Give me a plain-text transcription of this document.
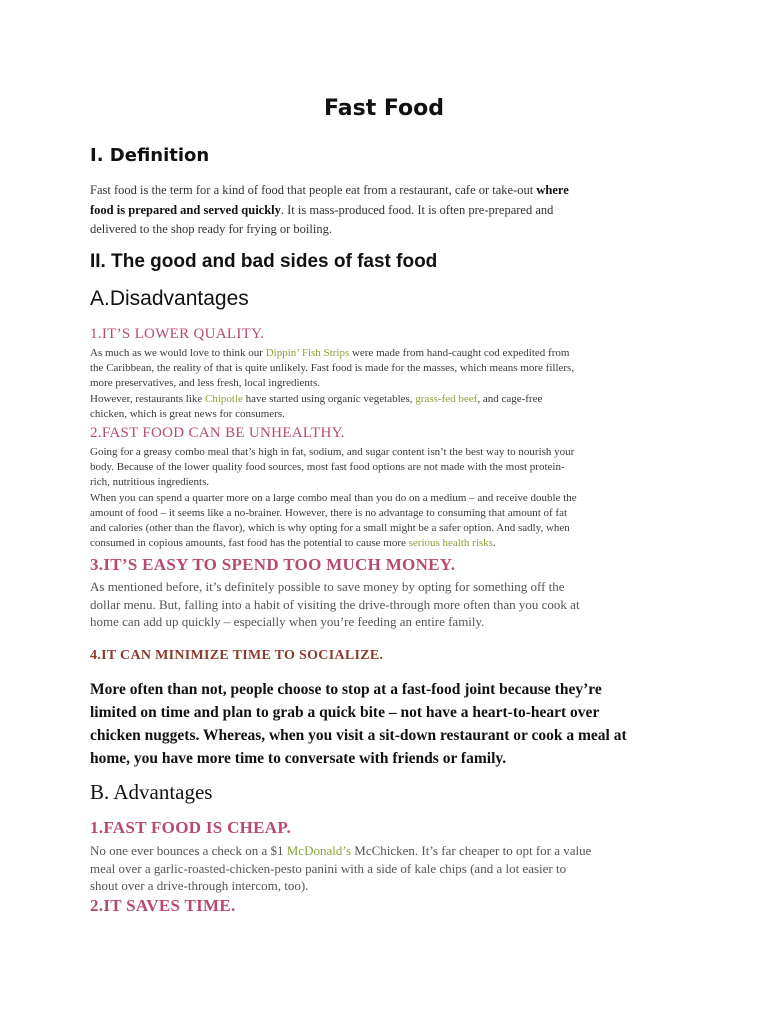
Fast Food
I. Definition
Fast food is the term for a kind of food that people eat from a restaurant, cafe or take-out where
food is prepared and served quickly. It is mass-produced food. It is often pre-prepared and
delivered to the shop ready for frying or boiling.
II. The good and bad sides of fast food
A.Disadvantages
1.IT’S LOWER QUALITY.
As much as we would love to think our Dippin’ Fish Strips were made from hand-caught cod expedited from
the Caribbean, the reality of that is quite unlikely. Fast food is made for the masses, which means more fillers,
more preservatives, and less fresh, local ingredients.
However, restaurants like Chipotle have started using organic vegetables, grass-fed beef, and cage-free
chicken, which is great news for consumers.
2.FAST FOOD CAN BE UNHEALTHY.
Going for a greasy combo meal that’s high in fat, sodium, and sugar content isn’t the best way to nourish your
body. Because of the lower quality food sources, most fast food options are not made with the most protein-
rich, nutritious ingredients.
When you can spend a quarter more on a large combo meal than you do on a medium – and receive double the
amount of food – it seems like a no-brainer. However, there is no advantage to consuming that amount of fat
and calories (other than the flavor), which is why opting for a small might be a safer option. And sadly, when
consumed in copious amounts, fast food has the potential to cause more serious health risks.
3.IT’S EASY TO SPEND TOO MUCH MONEY.
As mentioned before, it’s definitely possible to save money by opting for something off the
dollar menu. But, falling into a habit of visiting the drive-through more often than you cook at
home can add up quickly – especially when you’re feeding an entire family.
4.IT CAN MINIMIZE TIME TO SOCIALIZE.
More often than not, people choose to stop at a fast-food joint because they’re
limited on time and plan to grab a quick bite – not have a heart-to-heart over
chicken nuggets. Whereas, when you visit a sit-down restaurant or cook a meal at
home, you have more time to conversate with friends or family.
B. Advantages
1.FAST FOOD IS CHEAP.
No one ever bounces a check on a $1 McDonald’s McChicken. It’s far cheaper to opt for a value
meal over a garlic-roasted-chicken-pesto panini with a side of kale chips (and a lot easier to
shout over a drive-through intercom, too).
2.IT SAVES TIME.
